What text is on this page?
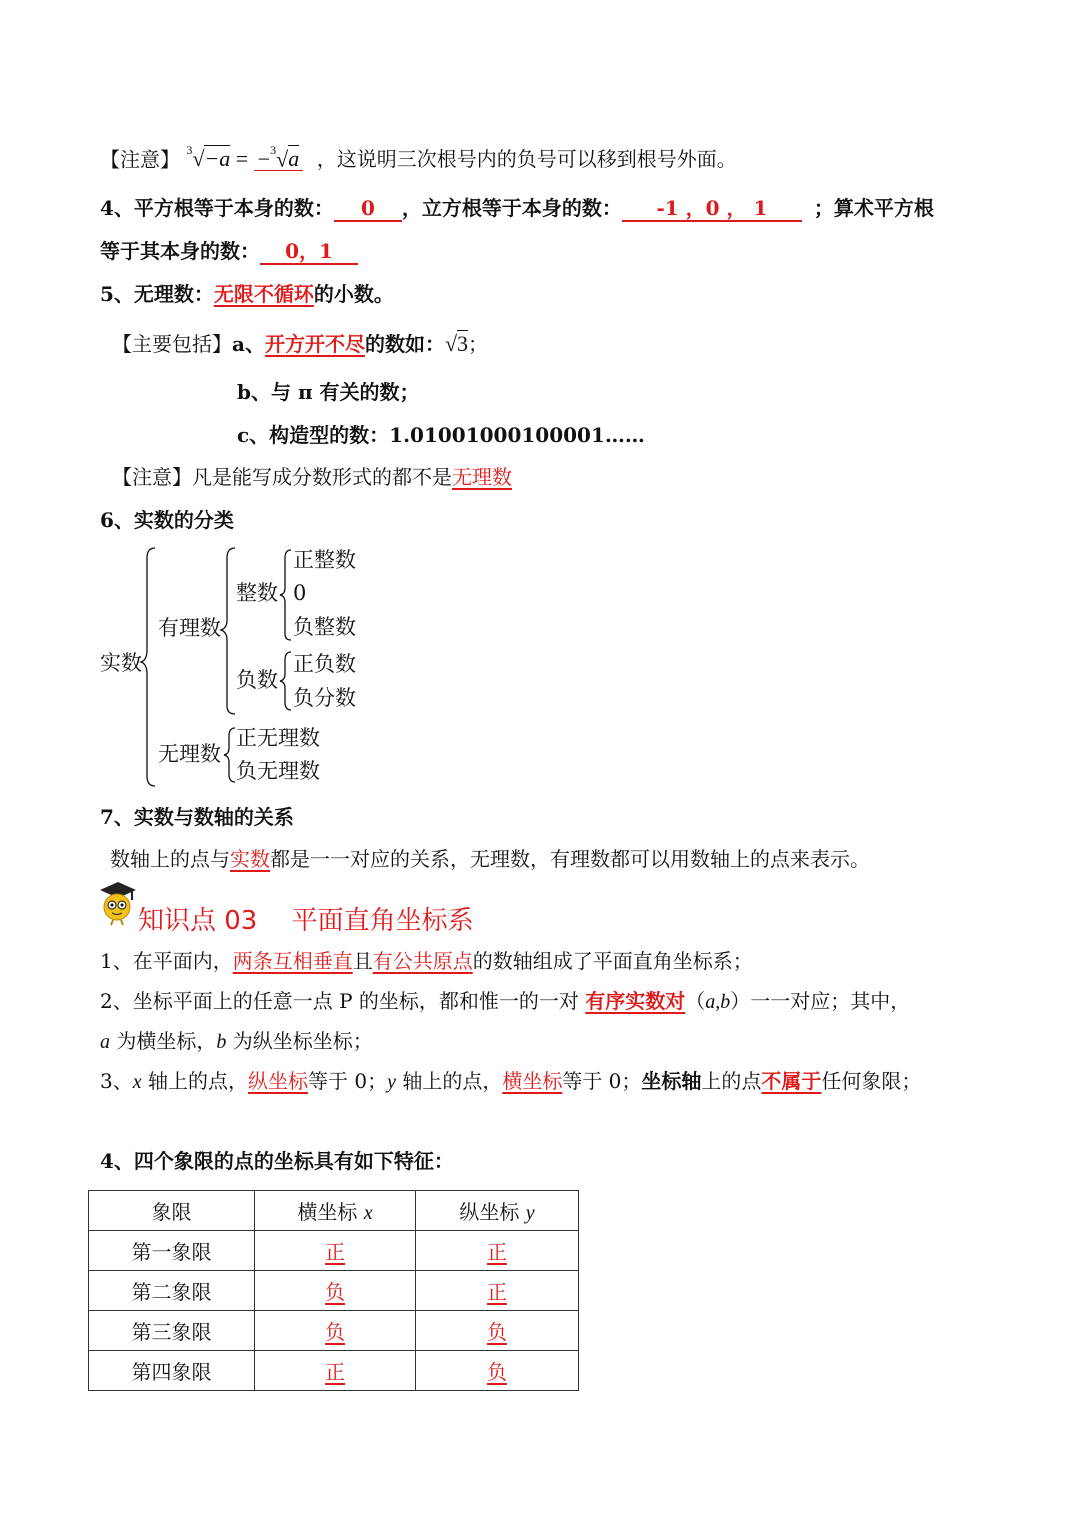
【注意】 $^3$√−a = −$^3$√a ，这说明三次根号内的负号可以移到根号外面。
4、平方根等于本身的数： 0 ，立方根等于本身的数： -1 ，0 ， 1 ；算术平方根
等于其本身的数： 0，1
5、无理数：无限不循环的小数。
【主要包括】a、开方开不尽的数如：√3；
b、与 π 有关的数；
c、构造型的数：1.01001000100001……
【注意】凡是能写成分数形式的都不是无理数
6、实数的分类
实数
有理数
整数
正整数
0
负整数
负数
正负数
负分数
无理数
正无理数
负无理数
7、实数与数轴的关系
数轴上的点与实数都是一一对应的关系，无理数，有理数都可以用数轴上的点来表示。
知识点 03　 平面直角坐标系
1、在平面内，两条互相垂直且有公共原点的数轴组成了平面直角坐标系；
2、坐标平面上的任意一点 P 的坐标，都和惟一的一对 有序实数对（a,b）一一对应；其中，
a 为横坐标，b 为纵坐标坐标；
3、x 轴上的点，纵坐标等于 0；y 轴上的点，横坐标等于 0；坐标轴上的点不属于任何象限；
4、四个象限的点的坐标具有如下特征：
象限	横坐标 x	纵坐标 y
第一象限	正	正
第二象限	负	正
第三象限	负	负
第四象限	正	负
